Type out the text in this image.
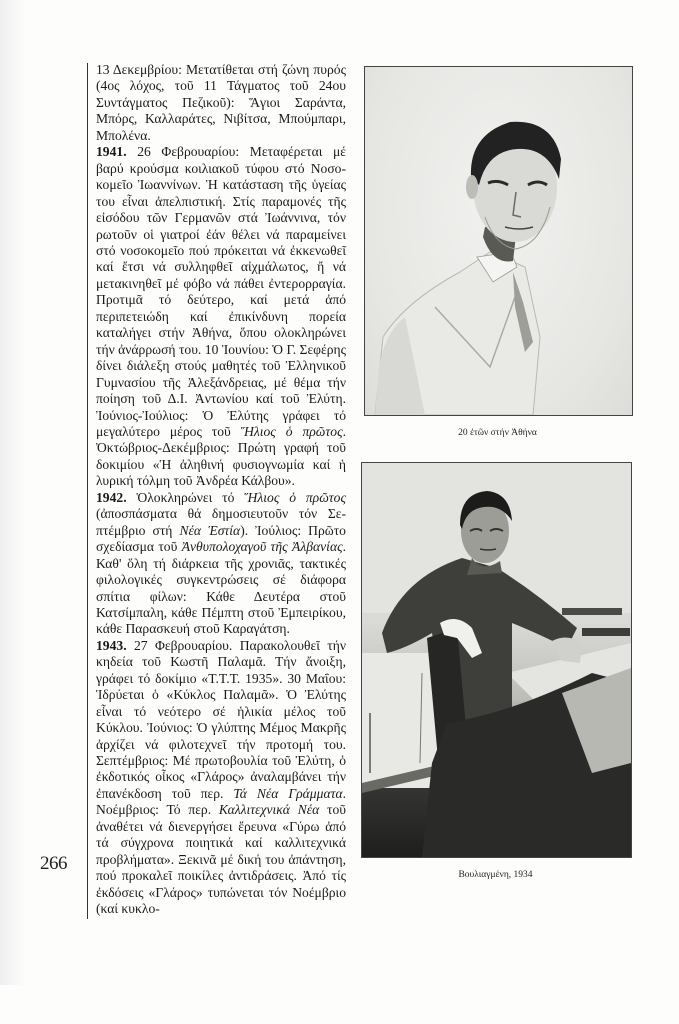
266

13 Δεκεμβρίου: Μετατίθεται στή ζώνη πυρός (4ος λόχος, τοῦ 11 Τάγματος τοῦ 24ου Συντάγματος Πεζικοῦ): Ἅγιοι Σαράντα, Μπόρς, Καλλαράτες, Νιβίτσα, Μπούμπαρι, Μπολένα.

1941. 26 Φεβρουαρίου: Μεταφέρεται μέ βαρύ κρούσμα κοιλιακοῦ τύφου στό Νοσοκομεῖο Ἰωαννίνων. Ἡ κατάσταση τῆς ὑγείας του εἶναι ἀπελπιστική. Στίς παραμονές τῆς εἰσόδου τῶν Γερμανῶν στά Ἰωάννινα, τόν ρωτοῦν οἱ γιατροί ἐάν θέλει νά παραμείνει στό νοσοκομεῖο πού πρόκειται νά ἐκκενωθεῖ καί ἔτσι νά συλληφθεῖ αἰχμάλωτος, ἤ νά μετακινηθεῖ μέ φόβο νά πάθει ἐντερορραγία. Προτιμᾶ τό δεύτερο, καί μετά ἀπό περιπετειώδη καί ἐπικίνδυνη πορεία καταλήγει στήν Ἀθήνα, ὅπου ολοκληρώνει τήν ἀνάρρωσή του. 10 Ἰουνίου: Ὁ Γ. Σεφέρης δίνει διάλεξη στούς μαθητές τοῦ Ἑλληνικοῦ Γυμνασίου τῆς Ἀλεξάνδρειας, μέ θέμα τήν ποίηση τοῦ Δ.Ι. Ἀντωνίου καί τοῦ Ἐλύτη. Ἰούνιος-Ἰούλιος: Ὁ Ἐλύτης γράφει τό μεγαλύτερο μέρος τοῦ Ἥλιος ὁ πρῶτος. Ὀκτώβριος-Δεκέμβριος: Πρώτη γραφή τοῦ δοκιμίου «Ἡ ἀληθινή φυσιογνωμία καί ἡ λυρική τόλμη τοῦ Ἀνδρέα Κάλβου».

1942. Ὁλοκληρώνει τό Ἥλιος ὁ πρῶτος (ἀποσπάσματα θά δημοσιευτοῦν τόν Σεπτέμβριο στή Νέα Ἑστία). Ἰούλιος: Πρῶτο σχεδίασμα τοῦ Ἀνθυπολοχαγοῦ τῆς Ἀλβανίας. Καθ' ὅλη τή διάρκεια τῆς χρονιᾶς, τακτικές φιλολογικές συγκεντρώσεις σέ διάφορα σπίτια φίλων: Κάθε Δευτέρα στοῦ Κατσίμπαλη, κάθε Πέμπτη στοῦ Ἐμπειρίκου, κάθε Παρασκευή στοῦ Καραγάτση.

1943. 27 Φεβρουαρίου. Παρακολουθεῖ τήν κηδεία τοῦ Κωστῆ Παλαμᾶ. Τήν ἄνοιξη, γράφει τό δοκίμιο «Τ.Τ.Τ. 1935». 30 Μαΐου: Ἱδρύεται ὁ «Κύκλος Παλαμᾶ». Ὁ Ἐλύτης εἶναι τό νεότερο σέ ἡλικία μέλος τοῦ Κύκλου. Ἰούνιος: Ὁ γλύπτης Μέμος Μακρῆς ἀρχίζει νά φιλοτεχνεῖ τήν προτομή του. Σεπτέμβριος: Μέ πρωτοβουλία τοῦ Ἐλύτη, ὁ ἐκδοτικός οἶκος «Γλάρος» ἀναλαμβάνει τήν ἐπανέκδοση τοῦ περ. Τά Νέα Γράμματα. Νοέμβριος: Τό περ. Καλλιτεχνικά Νέα τοῦ ἀναθέτει νά διενεργήσει ἔρευνα «Γύρω ἀπό τά σύγχρονα ποιητικά καί καλλιτεχνικά προβλήματα». Ξεκινᾶ μέ δική του ἀπάντηση, πού προκαλεῖ ποικίλες ἀντιδράσεις. Ἀπό τίς ἐκδόσεις «Γλάρος» τυπώνεται τόν Νοέμβριο (καί κυκλο-

20 ἐτῶν στήν Ἀθήνα
Βουλιαγμένη, 1934
